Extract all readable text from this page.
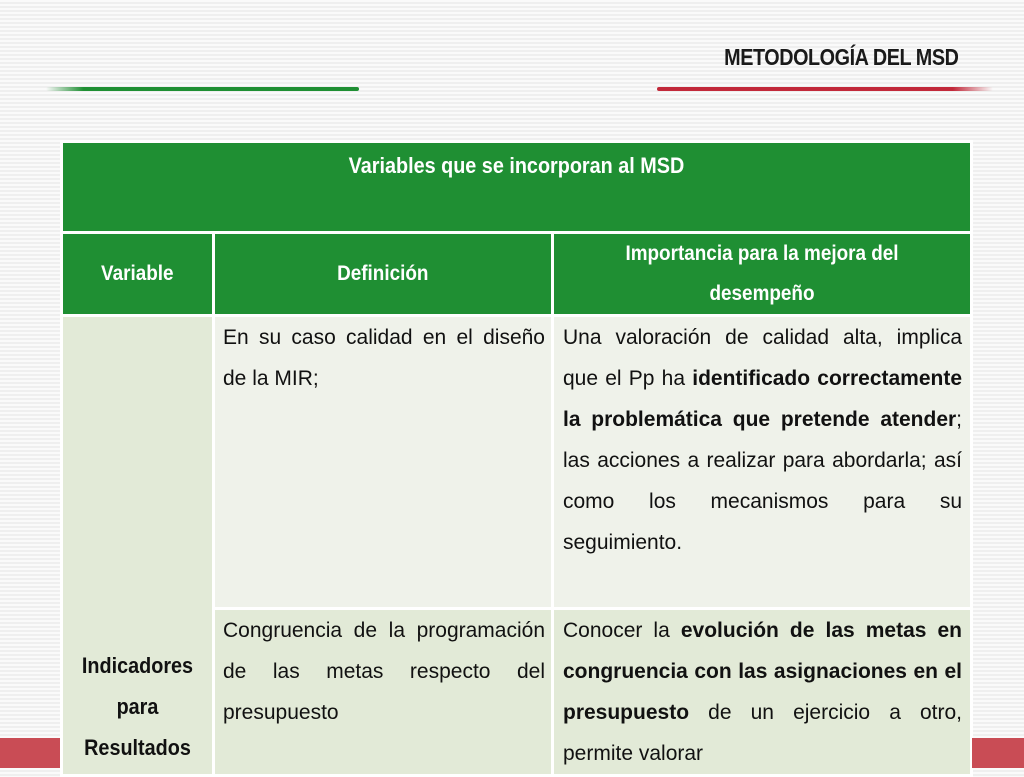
METODOLOGÍA DEL MSD
Variables que se incorporan al MSD		
Variable	Definición	Importancia para la mejora del desempeño
Indicadores para Resultados	En su caso calidad en el diseño de la MIR;	Una valoración de calidad alta, implica que el Pp ha identificado correctamente la problemática que pretende atender; las acciones a realizar para abordarla; así como los mecanismos para su seguimiento.
	Congruencia de la programación de las metas respecto del presupuesto	Conocer la evolución de las metas en congruencia con las asignaciones en el presupuesto de un ejercicio a otro, permite valorar
